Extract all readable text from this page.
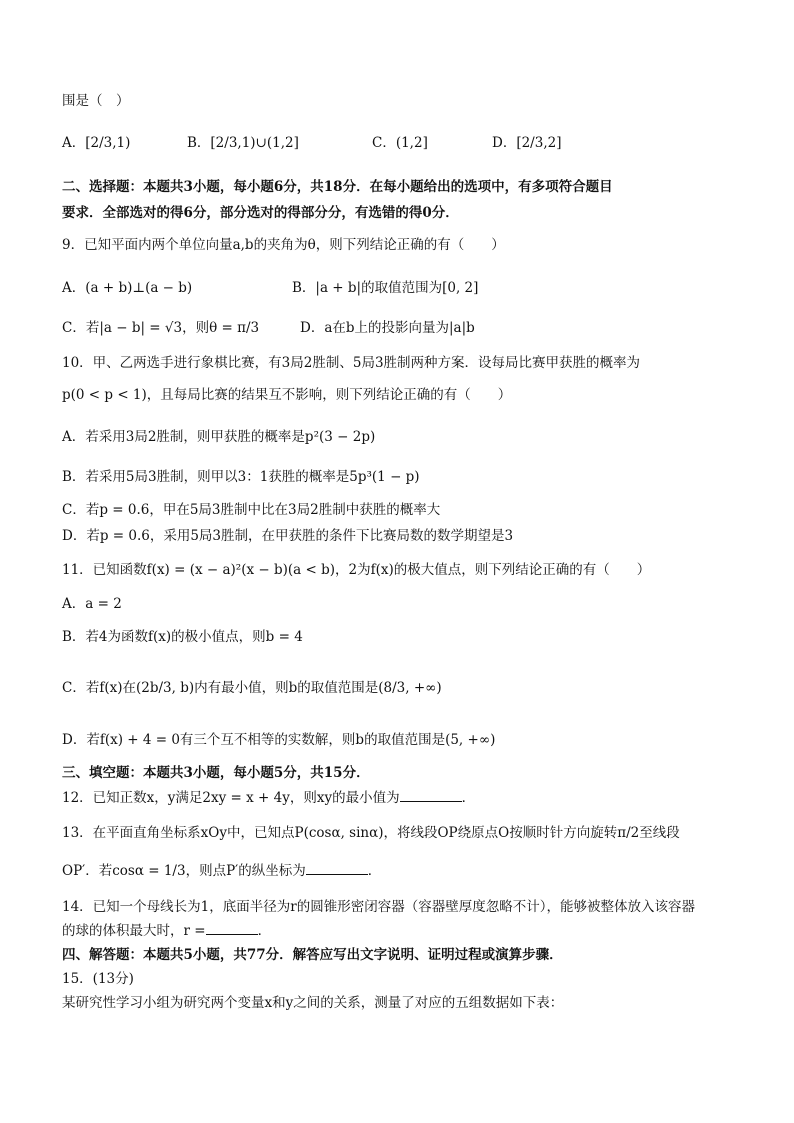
围是（　）
A．[2/3,1)	B．[2/3,1)∪(1,2]	C．(1,2]	D．[2/3,2]
二、选择题：本题共3小题，每小题6分，共18分．在每小题给出的选项中，有多项符合题目
要求．全部选对的得6分，部分选对的得部分分，有选错的得0分．
9．已知平面内两个单位向量a,b的夹角为θ，则下列结论正确的有（　　）
A．(a + b)⊥(a − b)	B．|a + b|的取值范围为[0, 2]
C．若|a − b| = √3，则θ = π/3	D．a在b上的投影向量为|a|b
10．甲、乙两选手进行象棋比赛，有3局2胜制、5局3胜制两种方案．设每局比赛甲获胜的概率为
p(0 < p < 1)，且每局比赛的结果互不影响，则下列结论正确的有（　　）
A．若采用3局2胜制，则甲获胜的概率是p²(3 − 2p)
B．若采用5局3胜制，则甲以3：1获胜的概率是5p³(1 − p)
C．若p = 0.6，甲在5局3胜制中比在3局2胜制中获胜的概率大
D．若p = 0.6，采用5局3胜制，在甲获胜的条件下比赛局数的数学期望是3
11．已知函数f(x) = (x − a)²(x − b)(a < b)，2为f(x)的极大值点，则下列结论正确的有（　　）
A．a = 2
B．若4为函数f(x)的极小值点，则b = 4
C．若f(x)在(2b/3, b)内有最小值，则b的取值范围是(8/3, +∞)
D．若f(x) + 4 = 0有三个互不相等的实数解，则b的取值范围是(5, +∞)
三、填空题：本题共3小题，每小题5分，共15分．
12．已知正数x，y满足2xy = x + 4y，则xy的最小值为	．
13．在平面直角坐标系xOy中，已知点P(cosα, sinα)，将线段OP绕原点O按顺时针方向旋转π/2至线段
OP′．若cosα = 1/3，则点P′的纵坐标为	．
14．已知一个母线长为1，底面半径为r的圆锥形密闭容器（容器壁厚度忽略不计），能够被整体放入该容器
的球的体积最大时，r =	．
四、解答题：本题共5小题，共77分．解答应写出文字说明、证明过程或演算步骤．
15．(13分)
某研究性学习小组为研究两个变量x和y之间的关系，测量了对应的五组数据如下表：
